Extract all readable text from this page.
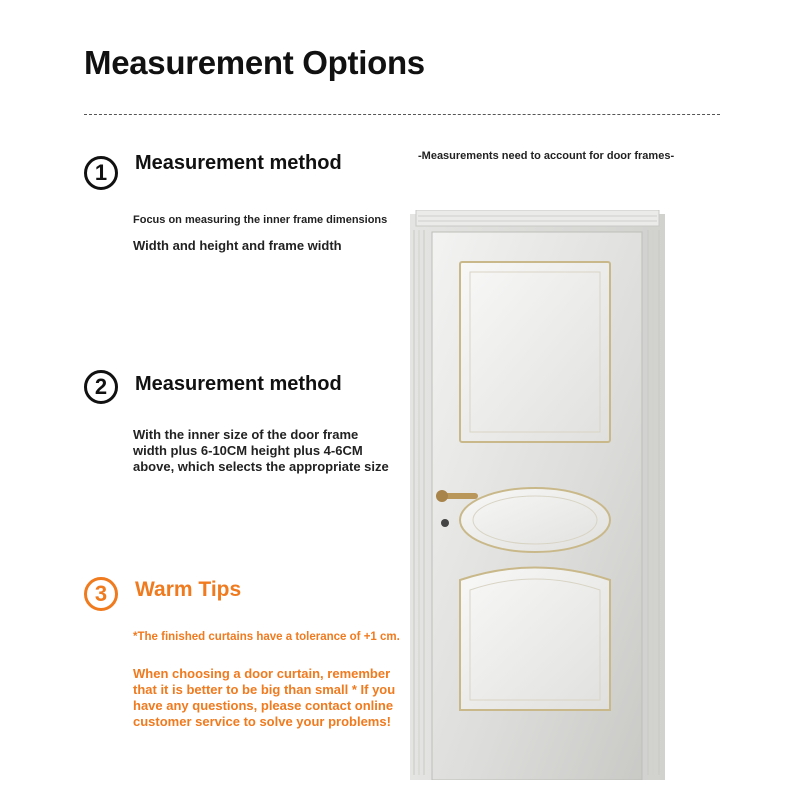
Measurement Options
1	Measurement method
Focus on measuring the inner frame dimensions
Width and height and frame width
2	Measurement method
With the inner size of the door frame width plus 6-10CM height plus 4-6CM above, which selects the appropriate size
3	Warm Tips
*The finished curtains have a tolerance of +1 cm.
When choosing a door curtain, remember that it is better to be big than small * If you have any questions, please contact online customer service to solve your problems!
-Measurements need to account for door frames-
